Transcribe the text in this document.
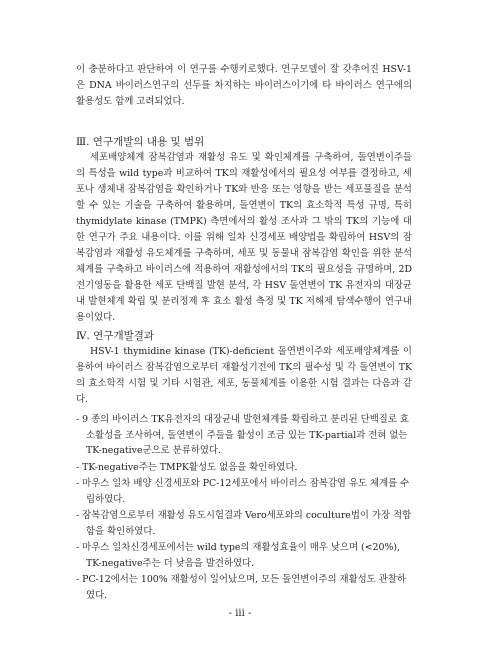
이 충분하다고 판단하여 이 연구를 수행키로했다. 연구모델이 잘 갖추어진 HSV-1은 DNA 바이러스연구의 선두를 차지하는 바이러스이기에 타 바이러스 연구에의 활용성도 함께 고려되었다.

Ⅲ. 연구개발의 내용 및 범위

세포배양체계 잠복감염과 재활성 유도 및 확인체계를 구축하여, 돌연변이주들의 특성을 wild type과 비교하여 TK의 재활성에서의 필요성 여부를 결정하고, 세포나 생체내 잠복감염을 확인하거나 TK와 반응 또는 영향을 받는 세포물질을 분석할 수 있는 기술을 구축하여 활용하며, 돌연변이 TK의 효소학적 특성 규명, 특히 thymidylate kinase (TMPK) 측면에서의 활성 조사과 그 밖의 TK의 기능에 대한 연구가 주요 내용이다. 이를 위해 일차 신경세포 배양법을 확립하여 HSV의 잠복감염과 재활성 유도체계를 구축하며, 세포 및 동물내 잠복감염 확인을 위한 분석체계를 구축하고 바이러스에 적용하여 재활성에서의 TK의 필요성을 규명하며, 2D 전기영동을 활용한 세포 단백질 발현 분석, 각 HSV 돌연변이 TK 유전자의 대장균내 발현체계 확립 및 분리정제 후 효소 활성 측정 및 TK 저해제 탐색수행이 연구내용이었다.

Ⅳ. 연구개발결과

HSV-1 thymidine kinase (TK)-deficient 돌연변이주와 세포배양체계를 이용하여 바이러스 잠복감염으로부터 재활성기전에 TK의 필수성 및 각 돌연변이 TK의 효소학적 시험 및 기타 시험관, 세포, 동물체계를 이용한 시험 결과는 다음과 같다.

- 9 종의 바이러스 TK유전자의 대장균내 발현체계를 확립하고 분리된 단백질로 효소활성을 조사하여, 돌연변이 주들을 활성이 조금 있는 TK-partial과 전혀 없는 TK-negative군으로 분류하였다.
- TK-negative주는 TMPK활성도 없음을 확인하였다.
- 마우스 일차 배양 신경세포와 PC-12세포에서 바이러스 잠복감염 유도 체계를 수립하였다.
- 잠복감염으로부터 재활성 유도시험결과 Vero세포와의 coculture법이 가장 적합함을 확인하였다.
- 마우스 일차신경세포에서는 wild type의 재활성효율이 매우 낮으며 (<20%), TK-negative주는 더 낮음을 발견하였다.
- PC-12에서는 100% 재활성이 일어났으며, 모든 돌연변이주의 재활성도 관찰하였다.
- iii -
